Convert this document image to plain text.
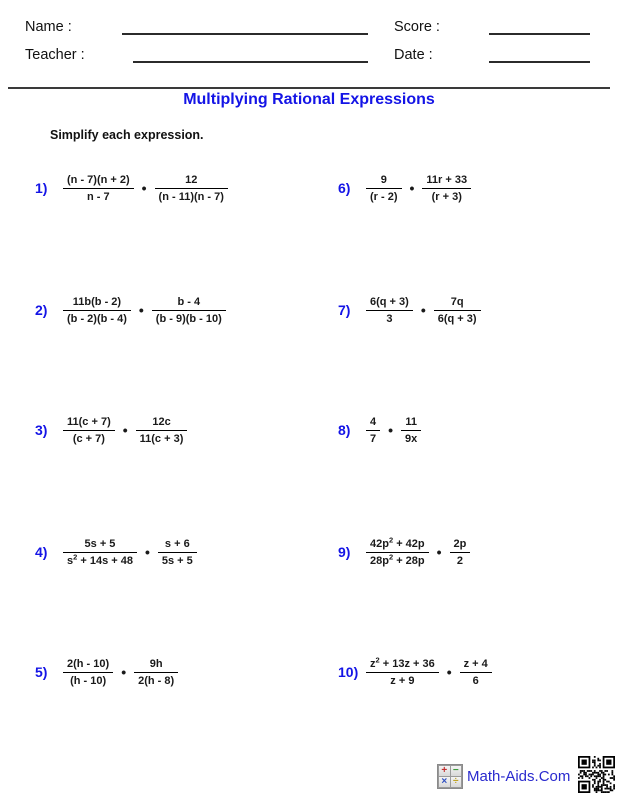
Name :
Teacher :
Score :
Date :
Multiplying Rational Expressions

Simplify each expression.

1)	$\frac{(n - 7)(n + 2)}{n - 7}$ • $\frac{12}{(n - 11)(n - 7)}$
2)	$\frac{11b(b - 2)}{(b - 2)(b - 4)}$ • $\frac{b - 4}{(b - 9)(b - 10)}$
3)	$\frac{11(c + 7)}{(c + 7)}$ • $\frac{12c}{11(c + 3)}$
4)	$\frac{5s + 5}{s^2 + 14s + 48}$ • $\frac{s + 6}{5s + 5}$
5)	$\frac{2(h - 10)}{(h - 10)}$ • $\frac{9h}{2(h - 8)}$
6)	$\frac{9}{(r - 2)}$ • $\frac{11r + 33}{(r + 3)}$
7)	$\frac{6(q + 3)}{3}$ • $\frac{7q}{6(q + 3)}$
8)	$\frac{4}{7}$ • $\frac{11}{9x}$
9)	$\frac{42p^2 + 42p}{28p^2 + 28p}$ • $\frac{2p}{2}$
$10) \frac{z^2 + 13z + 36}{z + 9}$ • $\frac{z + 4}{6}$
+ −
× ÷ Math-Aids.Com
